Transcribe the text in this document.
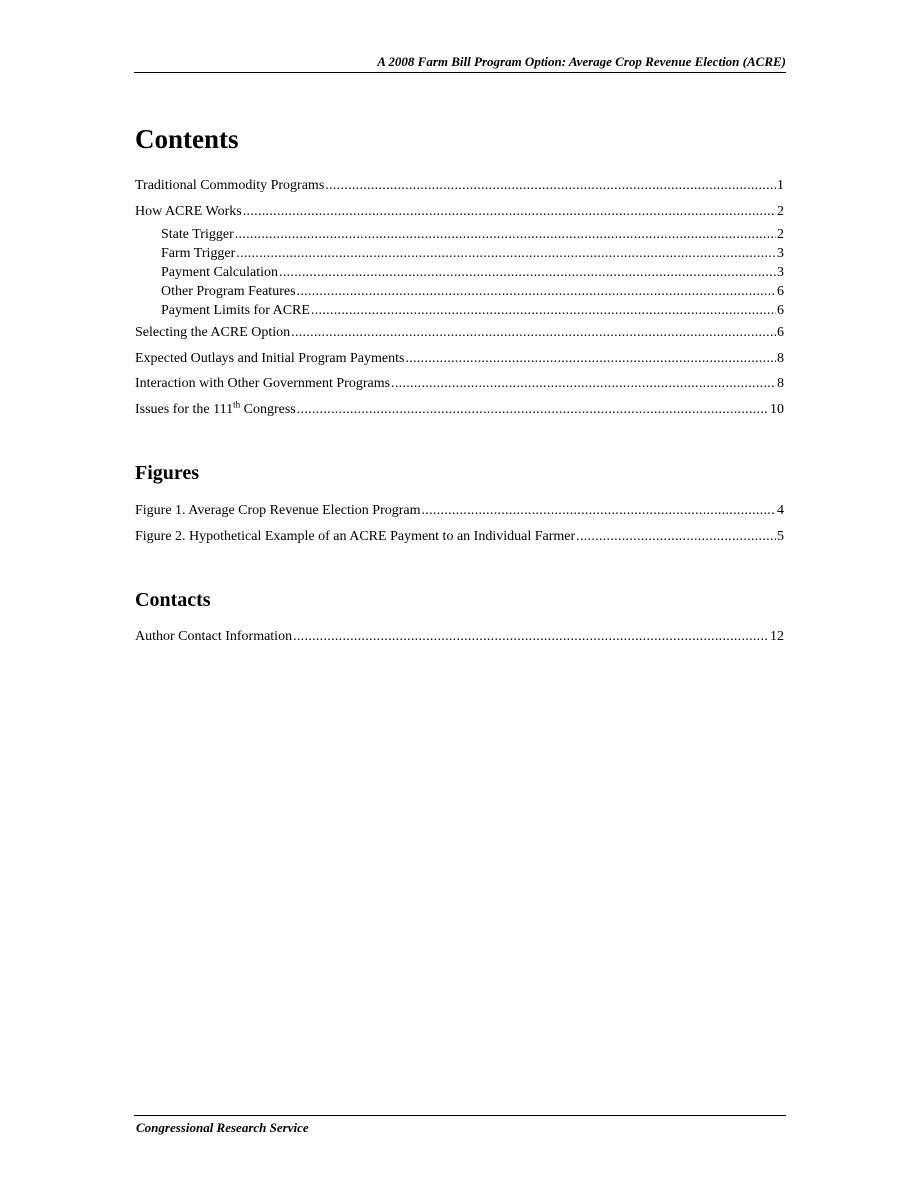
A 2008 Farm Bill Program Option: Average Crop Revenue Election (ACRE)
Contents
Traditional Commodity Programs . . .	1
How ACRE Works . . .	2
State Trigger . . .	2
Farm Trigger . . .	3
Payment Calculation . . .	3
Other Program Features . . .	6
Payment Limits for ACRE . . .	6
Selecting the ACRE Option . . .	6
Expected Outlays and Initial Program Payments . . .	8
Interaction with Other Government Programs . . .	8
Issues for the 111th Congress . . .	10
Figures
Figure 1. Average Crop Revenue Election Program . . .	4
Figure 2. Hypothetical Example of an ACRE Payment to an Individual Farmer . . .	5
Contacts
Author Contact Information . . .	12
Congressional Research Service
